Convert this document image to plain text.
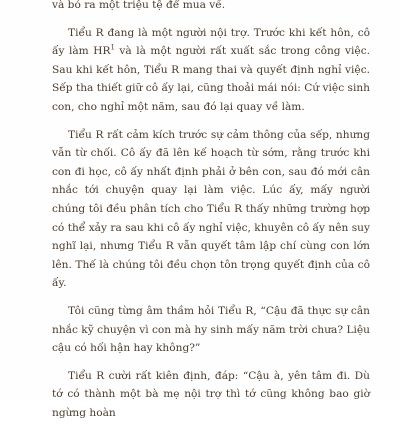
và bỏ ra một triệu tệ để mua về.

Tiểu R đang là một người nội trợ. Trước khi kết hôn, cô ấy làm $HR^1$ và là một người rất xuất sắc trong công việc. Sau khi kết hôn, Tiểu R mang thai và quyết định nghỉ việc. Sếp tha thiết giữ cô ấy lại, cũng thoải mái nói: Cứ việc sinh con, cho nghỉ một năm, sau đó lại quay về làm.

Tiểu R rất cảm kích trước sự cảm thông của sếp, nhưng vẫn từ chối. Cô ấy đã lên kế hoạch từ sớm, rằng trước khi con đi học, cô ấy nhất định phải ở bên con, sau đó mới cân nhắc tới chuyện quay lại làm việc. Lúc ấy, mấy người chúng tôi đều phân tích cho Tiểu R thấy những trường hợp có thể xảy ra sau khi cô ấy nghỉ việc, khuyên cô ấy nên suy nghĩ lại, nhưng Tiểu R vẫn quyết tâm lập chí cùng con lớn lên. Thế là chúng tôi đều chọn tôn trọng quyết định của cô ấy.

Tôi cũng từng âm thầm hỏi Tiểu R, “Cậu đã thực sự cân nhắc kỹ chuyện vì con mà hy sinh mấy năm trời chưa? Liệu cậu có hối hận hay không?”

Tiểu R cười rất kiên định, đáp: “Cậu à, yên tâm đi. Dù tớ có thành một bà mẹ nội trợ thì tớ cũng không bao giờ ngừng hoàn
